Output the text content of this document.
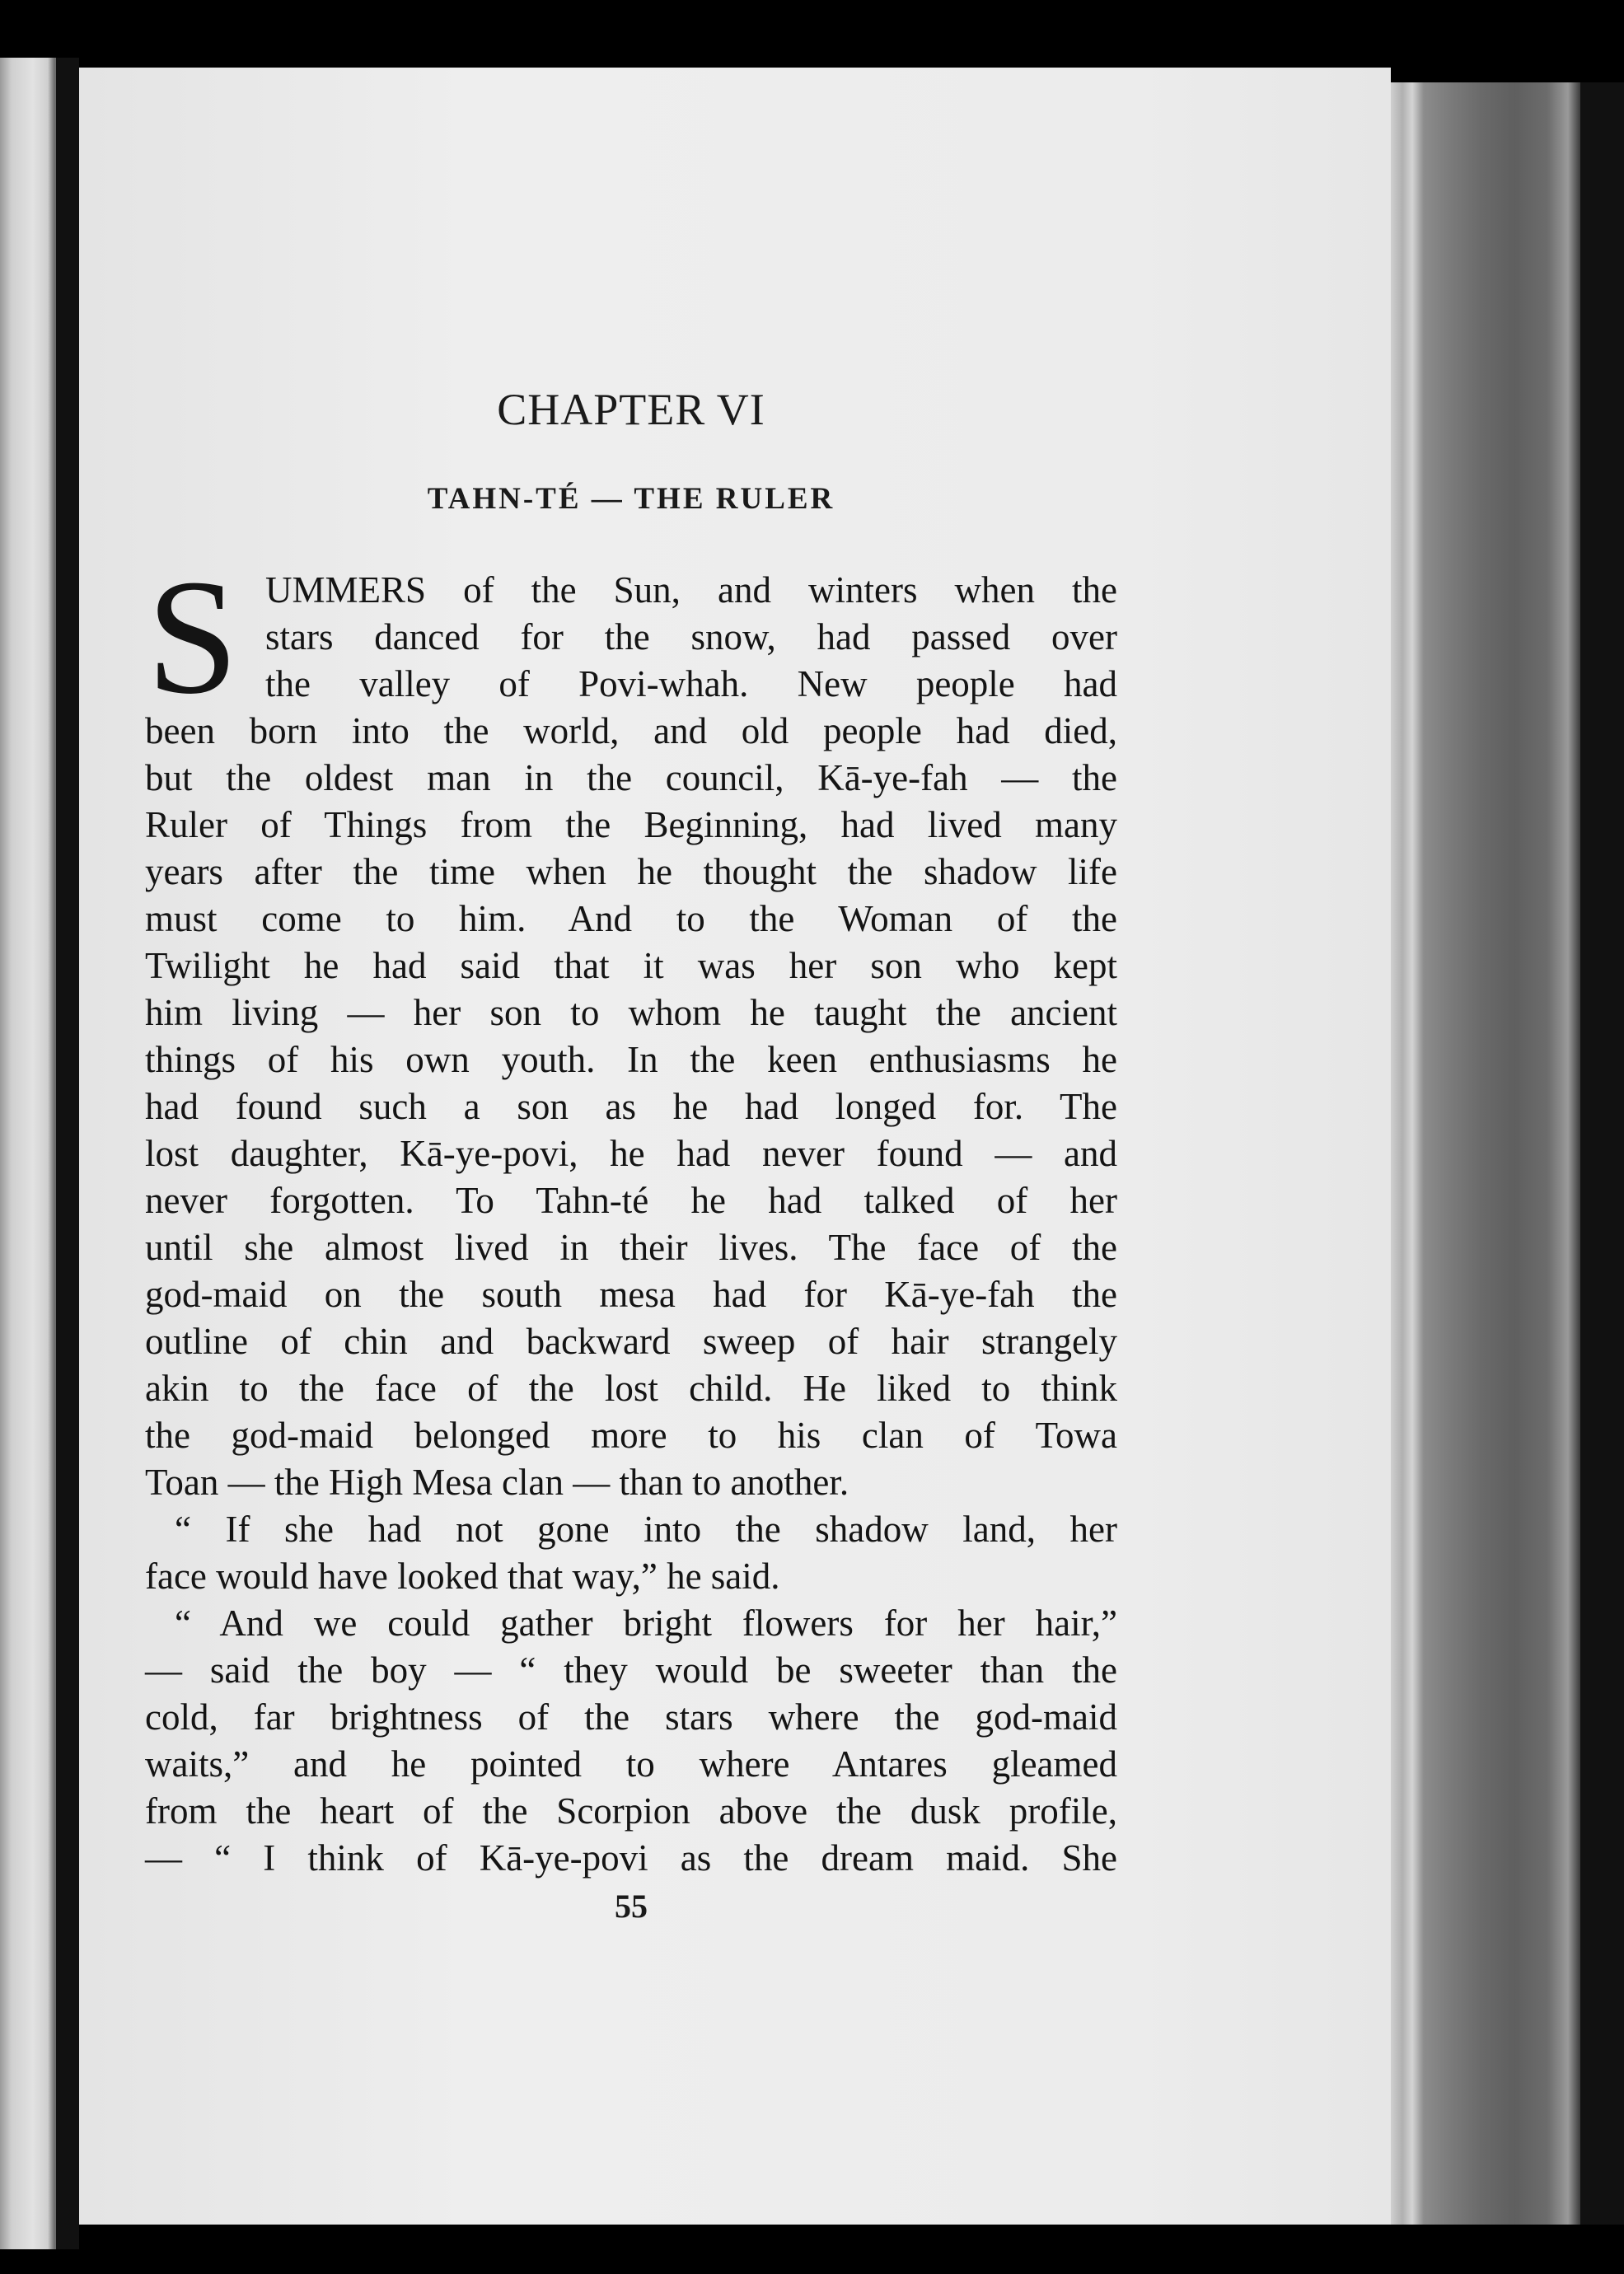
CHAPTER VI
TAHN-TÉ — THE RULER
S UMMERS of the Sun, and winters when the
stars danced for the snow, had passed over
the valley of Povi-whah. New people had
been born into the world, and old people had died,
but the oldest man in the council, Kā-ye-fah — the
Ruler of Things from the Beginning, had lived many
years after the time when he thought the shadow life
must come to him. And to the Woman of the
Twilight he had said that it was her son who kept
him living — her son to whom he taught the ancient
things of his own youth. In the keen enthusiasms he
had found such a son as he had longed for. The
lost daughter, Kā-ye-povi, he had never found — and
never forgotten. To Tahn-té he had talked of her
until she almost lived in their lives. The face of the
god-maid on the south mesa had for Kā-ye-fah the
outline of chin and backward sweep of hair strangely
akin to the face of the lost child. He liked to think
the god-maid belonged more to his clan of Towa
Toan — the High Mesa clan — than to another.
“ If she had not gone into the shadow land, her
face would have looked that way,” he said.
“ And we could gather bright flowers for her hair,”
— said the boy — “ they would be sweeter than the
cold, far brightness of the stars where the god-maid
waits,” and he pointed to where Antares gleamed
from the heart of the Scorpion above the dusk profile,
— “ I think of Kā-ye-povi as the dream maid. She
55
